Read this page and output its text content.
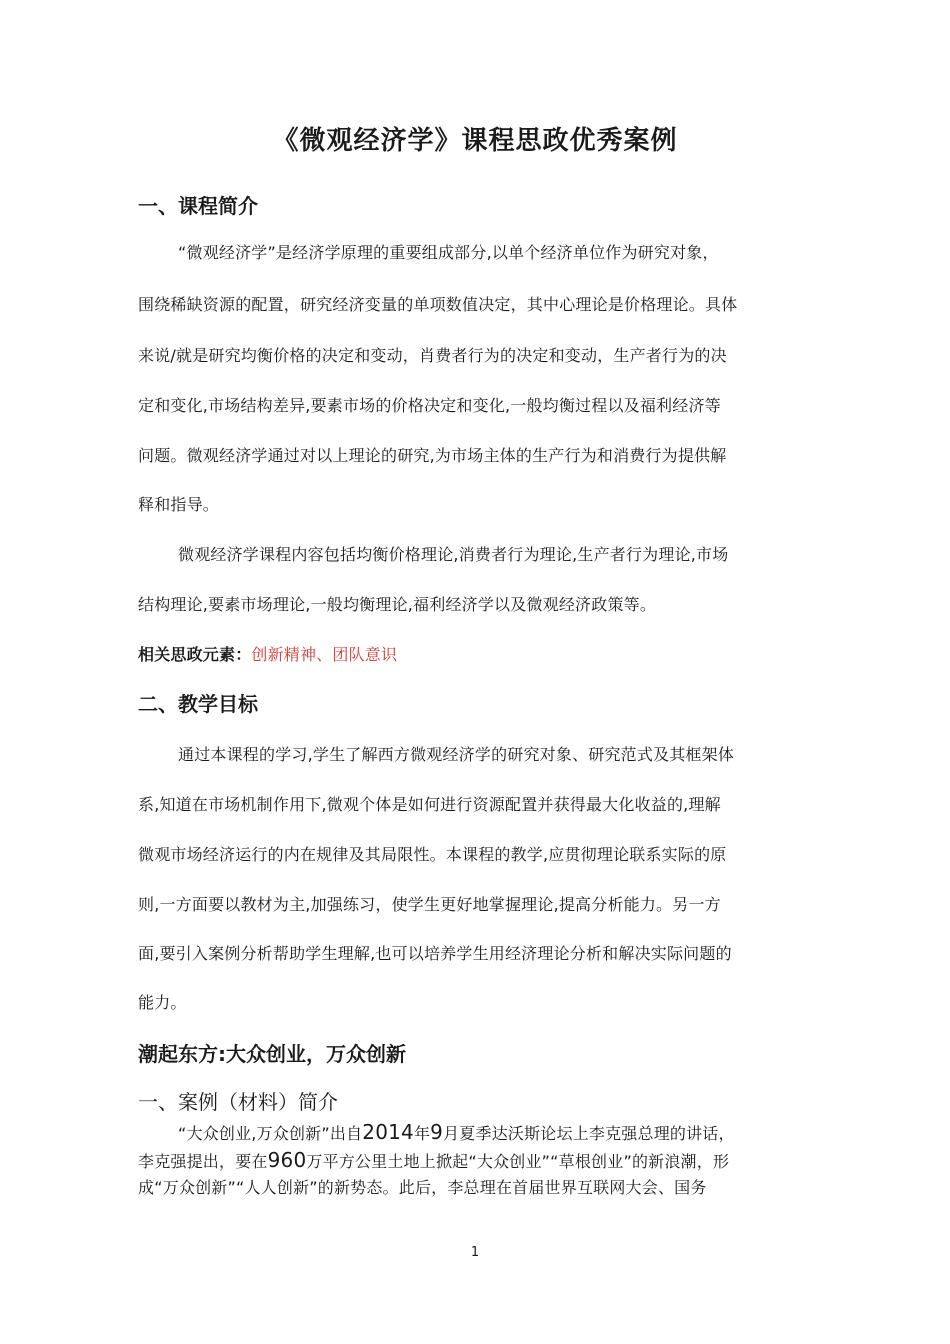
《微观经济学》课程思政优秀案例
一、课程简介
“微观经济学”是经济学原理的重要组成部分,以单个经济单位作为研究对象，
围绕稀缺资源的配置，研究经济变量的单项数值决定，其中心理论是价格理论。具体
来说/就是研究均衡价格的决定和变动，肖费者行为的决定和变动，生产者行为的决
定和变化,市场结构差异,要素市场的价格决定和变化,一般均衡过程以及福利经济等
问题。微观经济学通过对以上理论的研究,为市场主体的生产行为和消费行为提供解
释和指导。
微观经济学课程内容包括均衡价格理论,消费者行为理论,生产者行为理论,市场
结构理论,要素市场理论,一般均衡理论,福利经济学以及微观经济政策等。
相关思政元素：创新精神、团队意识
二、教学目标
通过本课程的学习,学生了解西方微观经济学的研究对象、研究范式及其框架体
系,知道在市场机制作用下,微观个体是如何进行资源配置并获得最大化收益的,理解
微观市场经济运行的内在规律及其局限性。本课程的教学,应贯彻理论联系实际的原
则,一方面要以教材为主,加强练习，使学生更好地掌握理论,提高分析能力。另一方
面,要引入案例分析帮助学生理解,也可以培养学生用经济理论分析和解决实际问题的
能力。
潮起东方:大众创业，万众创新
一、案例（材料）简介
“大众创业,万众创新”出自2014年9月夏季达沃斯论坛上李克强总理的讲话，
李克强提出，要在960万平方公里土地上掀起“大众创业”“草根创业”的新浪潮，形
成“万众创新”“人人创新”的新势态。此后，李总理在首届世界互联网大会、国务
1
